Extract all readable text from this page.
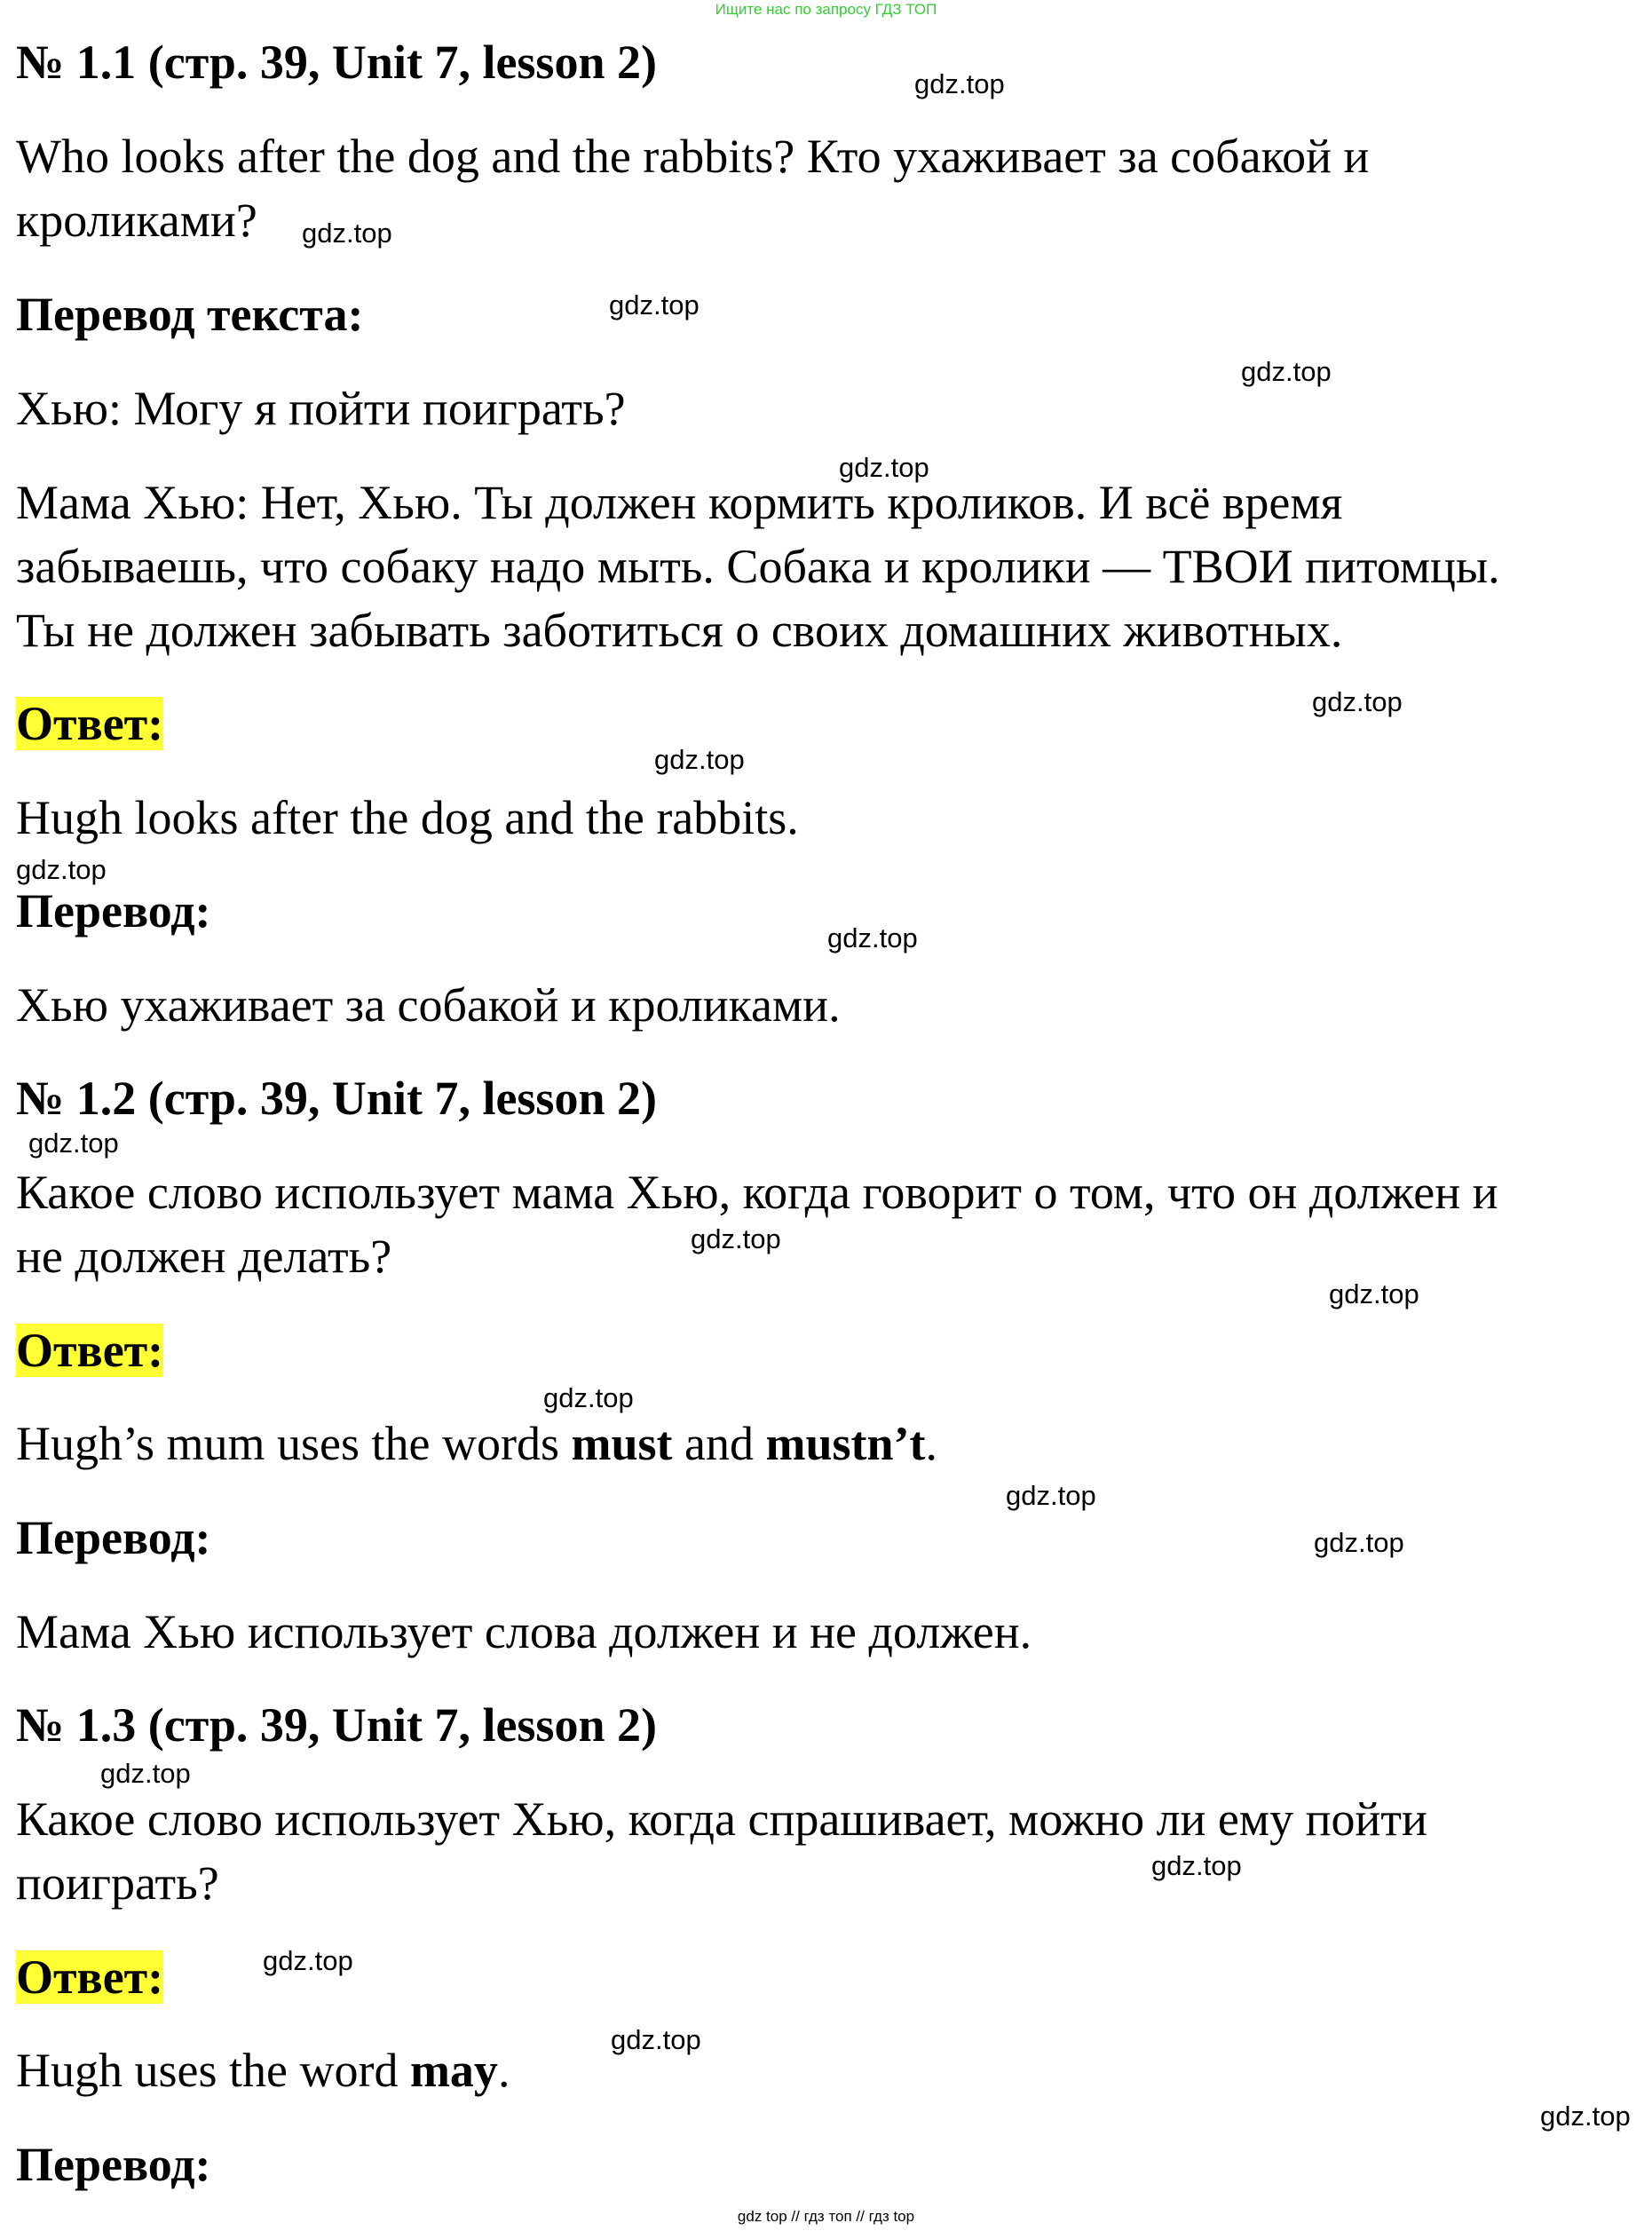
Ищите нас по запросу ГДЗ ТОП

№ 1.1 (стр. 39, Unit 7, lesson 2)

Who looks after the dog and the rabbits? Кто ухаживает за собакой и

кроликами?

Перевод текста:

Хью: Могу я пойти поиграть?

Мама Хью: Нет, Хью. Ты должен кормить кроликов. И всё время

забываешь, что собаку надо мыть. Собака и кролики — ТВОИ питомцы.

Ты не должен забывать заботиться о своих домашних животных.

Ответ:

Hugh looks after the dog and the rabbits.

Перевод:

Хью ухаживает за собакой и кроликами.

№ 1.2 (стр. 39, Unit 7, lesson 2)

Какое слово использует мама Хью, когда говорит о том, что он должен и

не должен делать?

Ответ:

Hugh’s mum uses the words must and mustn’t.

Перевод:

Мама Хью использует слова должен и не должен.

№ 1.3 (стр. 39, Unit 7, lesson 2)

Какое слово использует Хью, когда спрашивает, можно ли ему пойти

поиграть?

Ответ:

Hugh uses the word may.

Перевод:

gdz.top
gdz.top
gdz.top
gdz.top
gdz.top
gdz.top
gdz.top
gdz.top
gdz.top
gdz.top
gdz.top
gdz.top
gdz.top
gdz.top
gdz.top
gdz.top
gdz.top
gdz.top
gdz.top
gdz.top
gdz top // гдз топ // гдз top
